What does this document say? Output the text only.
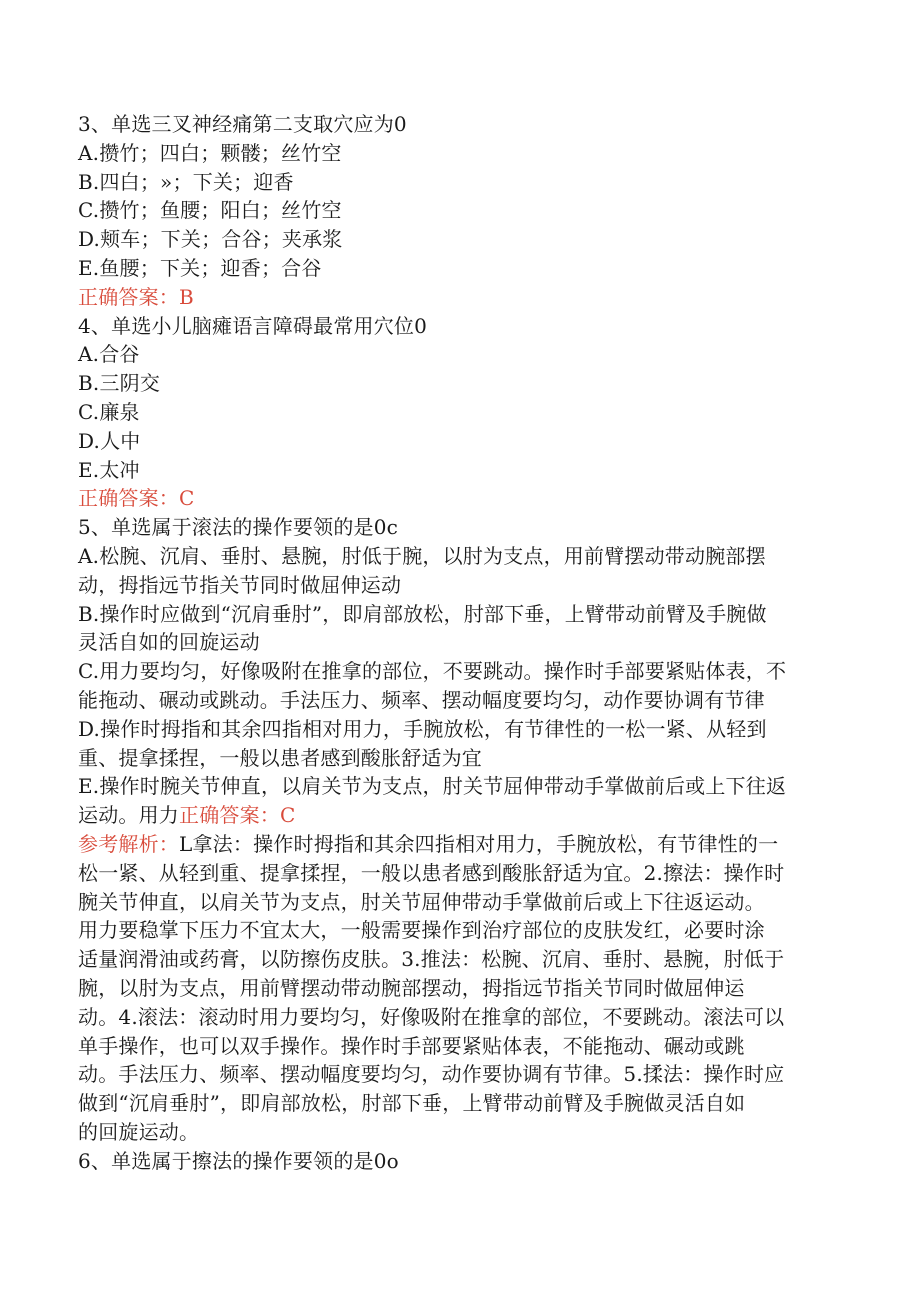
3、单选三叉神经痛第二支取穴应为0
A.攒竹；四白；颗髅；丝竹空
B.四白；»；下关；迎香
C.攒竹；鱼腰；阳白；丝竹空
D.颊车；下关；合谷；夹承浆
E.鱼腰；下关；迎香；合谷
正确答案：B
4、单选小儿脑瘫语言障碍最常用穴位0
A.合谷
B.三阴交
C.廉泉
D.人中
E.太冲
正确答案：C
5、单选属于滚法的操作要领的是0c
A.松腕、沉肩、垂肘、悬腕，肘低于腕，以肘为支点，用前臂摆动带动腕部摆
动，拇指远节指关节同时做屈伸运动
B.操作时应做到“沉肩垂肘”，即肩部放松，肘部下垂，上臂带动前臂及手腕做
灵活自如的回旋运动
C.用力要均匀，好像吸附在推拿的部位，不要跳动。操作时手部要紧贴体表，不
能拖动、碾动或跳动。手法压力、频率、摆动幅度要均匀，动作要协调有节律
D.操作时拇指和其余四指相对用力，手腕放松，有节律性的一松一紧、从轻到
重、提拿揉捏，一般以患者感到酸胀舒适为宜
E.操作时腕关节伸直，以肩关节为支点，肘关节屈伸带动手掌做前后或上下往返
运动。用力正确答案：C
参考解析：L拿法：操作时拇指和其余四指相对用力，手腕放松，有节律性的一
松一紧、从轻到重、提拿揉捏，一般以患者感到酸胀舒适为宜。2.擦法：操作时
腕关节伸直，以肩关节为支点，肘关节屈伸带动手掌做前后或上下往返运动。
用力要稳掌下压力不宜太大，一般需要操作到治疗部位的皮肤发红，必要时涂
适量润滑油或药膏，以防擦伤皮肤。3.推法：松腕、沉肩、垂肘、悬腕，肘低于
腕，以肘为支点，用前臂摆动带动腕部摆动，拇指远节指关节同时做屈伸运
动。4.滚法：滚动时用力要均匀，好像吸附在推拿的部位，不要跳动。滚法可以
单手操作，也可以双手操作。操作时手部要紧贴体表，不能拖动、碾动或跳
动。手法压力、频率、摆动幅度要均匀，动作要协调有节律。5.揉法：操作时应
做到“沉肩垂肘”，即肩部放松，肘部下垂，上臂带动前臂及手腕做灵活自如
的回旋运动。
6、单选属于擦法的操作要领的是0o
